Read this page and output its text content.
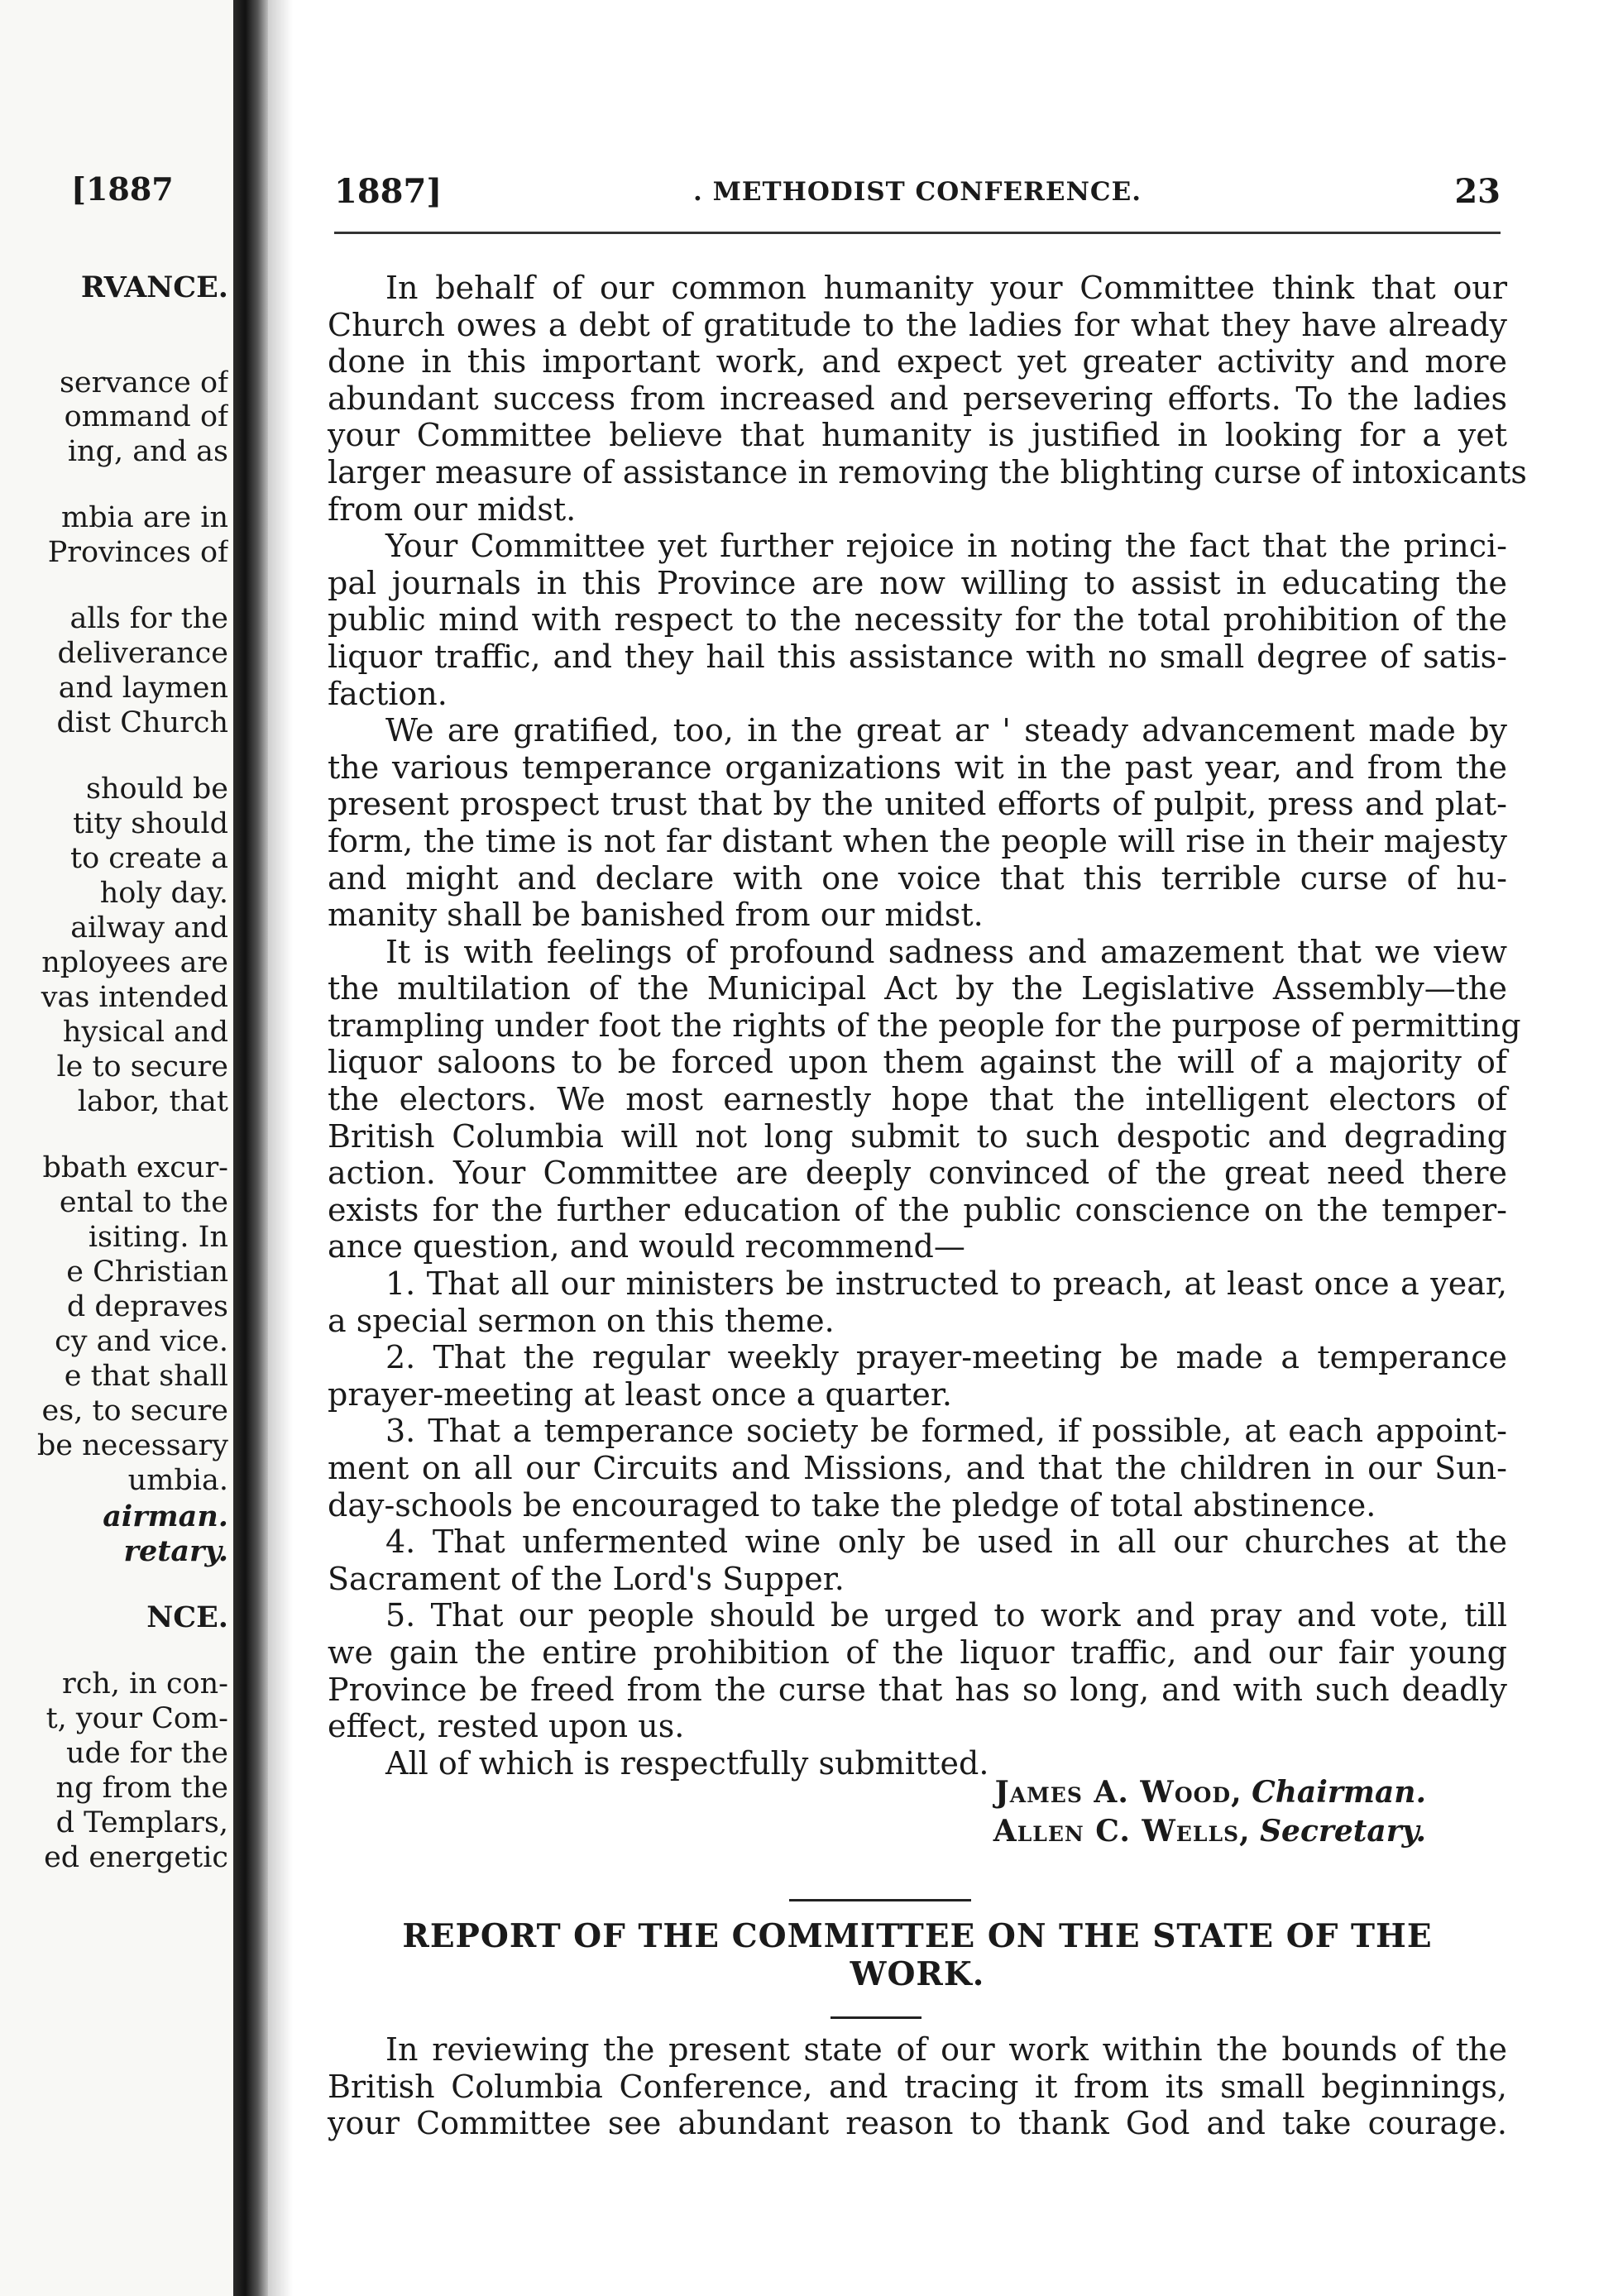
[1887
RVANCE.
servance of
ommand of
ing, and as
mbia are in
Provinces of
alls for the
deliverance
and laymen
dist Church
should be
tity should
to create a
holy day.
ailway and
nployees are
vas intended
hysical and
le to secure
labor, that
bbath excur-
ental to the
isiting. In
e Christian
d depraves
cy and vice.
e that shall
es, to secure
be necessary
umbia.
airman.
retary.
NCE.
rch, in con-
t, your Com-
ude for the
ng from the
d Templars,
ed energetic
1887]	. METHODIST CONFERENCE.	23
In behalf of our common humanity your Committee think that our
Church owes a debt of gratitude to the ladies for what they have already
done in this important work, and expect yet greater activity and more
abundant success from increased and persevering efforts. To the ladies
your Committee believe that humanity is justified in looking for a yet
larger measure of assistance in removing the blighting curse of intoxicants
from our midst.
Your Committee yet further rejoice in noting the fact that the princi-
pal journals in this Province are now willing to assist in educating the
public mind with respect to the necessity for the total prohibition of the
liquor traffic, and they hail this assistance with no small degree of satis-
faction.
We are gratified, too, in the great ar ' steady advancement made by
the various temperance organizations wit in the past year, and from the
present prospect trust that by the united efforts of pulpit, press and plat-
form, the time is not far distant when the people will rise in their majesty
and might and declare with one voice that this terrible curse of hu-
manity shall be banished from our midst.
It is with feelings of profound sadness and amazement that we view
the multilation of the Municipal Act by the Legislative Assembly—the
trampling under foot the rights of the people for the purpose of permitting
liquor saloons to be forced upon them against the will of a majority of
the electors. We most earnestly hope that the intelligent electors of
British Columbia will not long submit to such despotic and degrading
action. Your Committee are deeply convinced of the great need there
exists for the further education of the public conscience on the temper-
ance question, and would recommend—
1. That all our ministers be instructed to preach, at least once a year,
a special sermon on this theme.
2. That the regular weekly prayer-meeting be made a temperance
prayer-meeting at least once a quarter.
3. That a temperance society be formed, if possible, at each appoint-
ment on all our Circuits and Missions, and that the children in our Sun-
day-schools be encouraged to take the pledge of total abstinence.
4. That unfermented wine only be used in all our churches at the
Sacrament of the Lord's Supper.
5. That our people should be urged to work and pray and vote, till
we gain the entire prohibition of the liquor traffic, and our fair young
Province be freed from the curse that has so long, and with such deadly
effect, rested upon us.
All of which is respectfully submitted.
James A. Wood, Chairman.
Allen C. Wells, Secretary.
REPORT OF THE COMMITTEE ON THE STATE OF THE
WORK.
In reviewing the present state of our work within the bounds of the
British Columbia Conference, and tracing it from its small beginnings,
your Committee see abundant reason to thank God and take courage.
